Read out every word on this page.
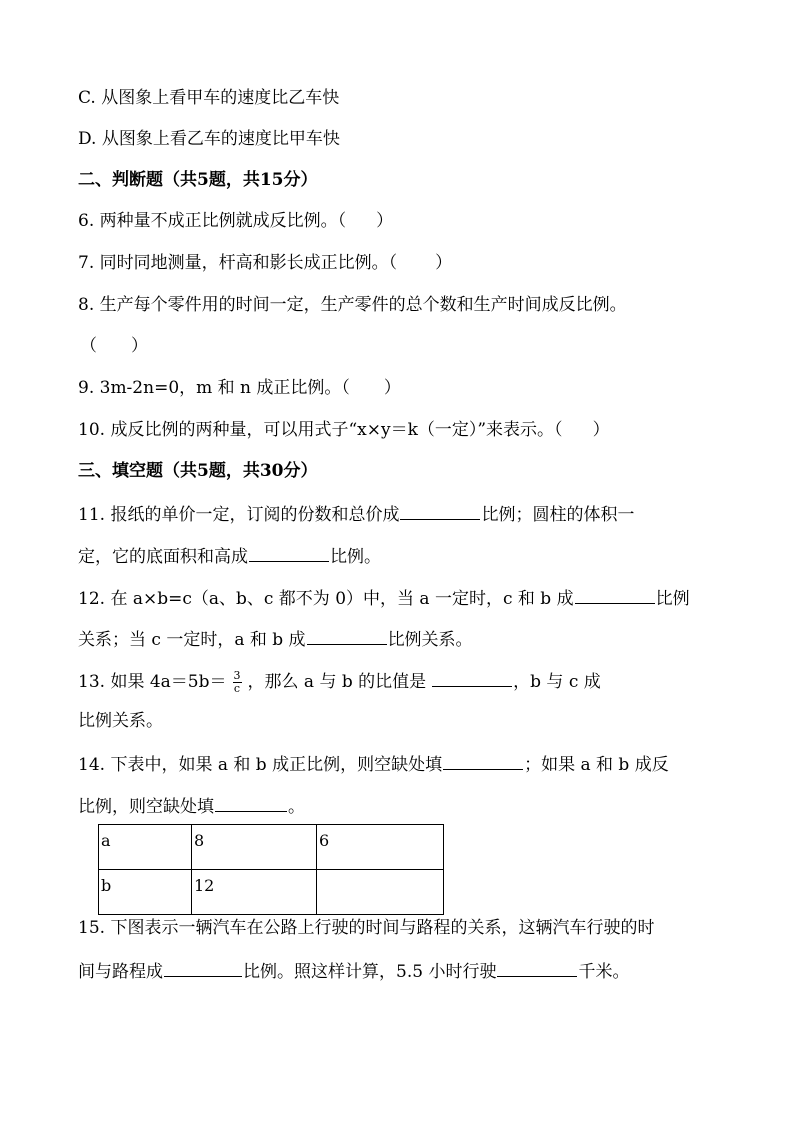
C. 从图象上看甲车的速度比乙车快
D. 从图象上看乙车的速度比甲车快
二、判断题（共5题，共15分）
6. 两种量不成正比例就成反比例。（ ）
7. 同时同地测量，杆高和影长成正比例。（ ）
8. 生产每个零件用的时间一定，生产零件的总个数和生产时间成反比例。
（ ）
9. 3m-2n=0，m 和 n 成正比例。（ ）
10. 成反比例的两种量，可以用式子“x×y＝k（一定）”来表示。（ ）
三、填空题（共5题，共30分）
11. 报纸的单价一定，订阅的份数和总价成	比例；圆柱的体积一
定，它的底面积和高成	比例。
12. 在 a×b=c（a、b、c 都不为 0）中，当 a 一定时，c 和 b 成	比例
关系；当 c 一定时，a 和 b 成	比例关系。
13. 如果 $4a=5b= \frac{3}{c}$ ，那么 a 与 b 的比值是	，b 与 c 成
比例关系。
14. 下表中，如果 a 和 b 成正比例，则空缺处填	；如果 a 和 b 成反
比例，则空缺处填	。
a	8	6
b	12	
15. 下图表示一辆汽车在公路上行驶的时间与路程的关系，这辆汽车行驶的时
间与路程成	比例。照这样计算，5.5 小时行驶	千米。
